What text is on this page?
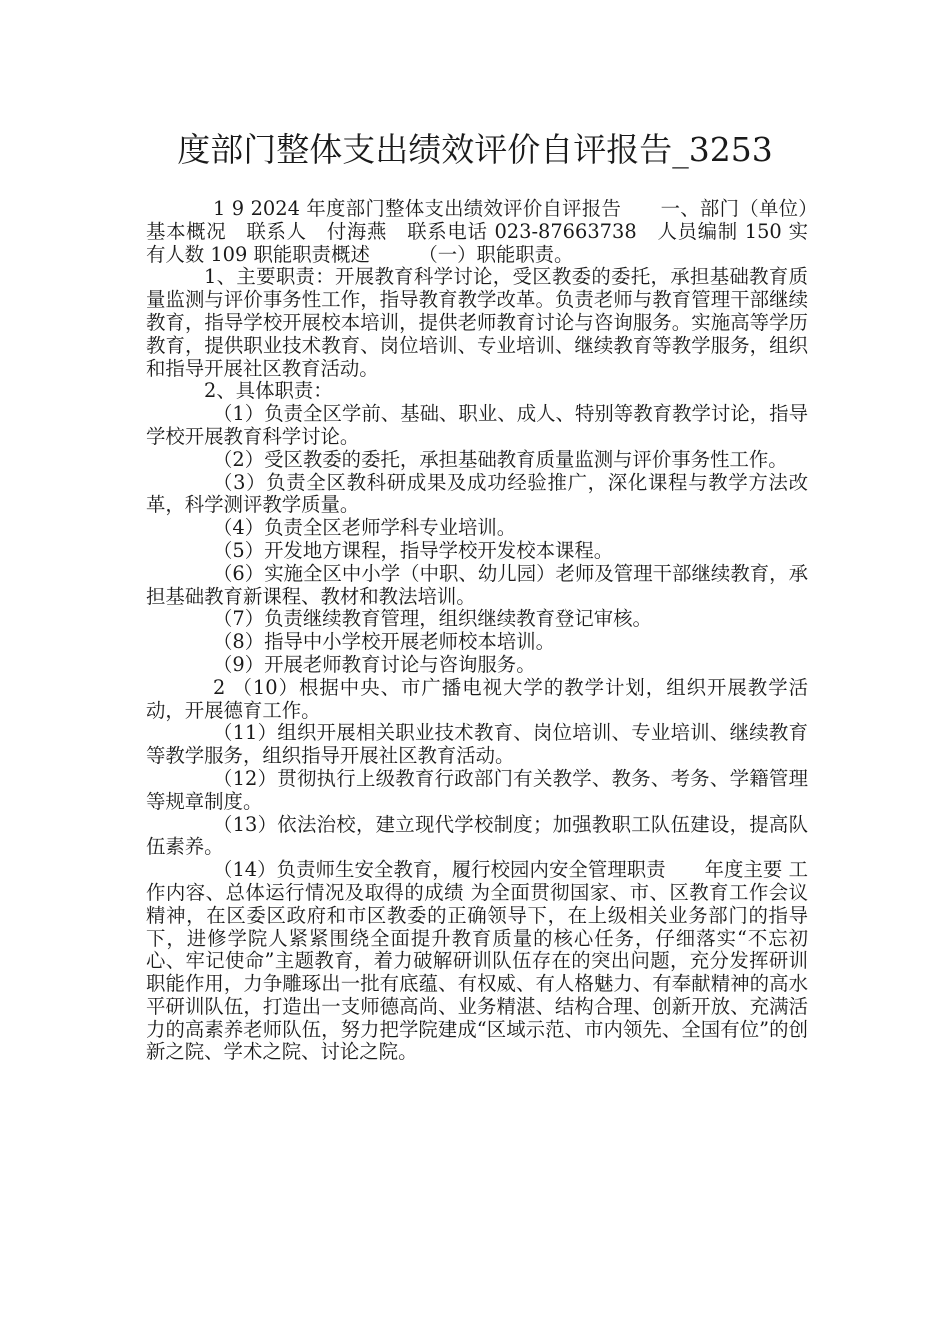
度部门整体支出绩效评价自评报告_3253

1 9 2024 年度部门整体支出绩效评价自评报告　　一、部门（单位）基本概况　联系人　付海燕　联系电话 023-87663738　人员编制 150 实有人数 109 职能职责概述　　　（一）职能职责。

1、主要职责：开展教育科学讨论，受区教委的委托，承担基础教育质量监测与评价事务性工作，指导教育教学改革。负责老师与教育管理干部继续教育，指导学校开展校本培训，提供老师教育讨论与咨询服务。实施高等学历教育，提供职业技术教育、岗位培训、专业培训、继续教育等教学服务，组织和指导开展社区教育活动。

2、具体职责：

（1）负责全区学前、基础、职业、成人、特别等教育教学讨论，指导学校开展教育科学讨论。

（2）受区教委的委托，承担基础教育质量监测与评价事务性工作。

（3）负责全区教科研成果及成功经验推广，深化课程与教学方法改革，科学测评教学质量。

（4）负责全区老师学科专业培训。

（5）开发地方课程，指导学校开发校本课程。

（6）实施全区中小学（中职、幼儿园）老师及管理干部继续教育，承担基础教育新课程、教材和教法培训。

（7）负责继续教育管理，组织继续教育登记审核。

（8）指导中小学校开展老师校本培训。

（9）开展老师教育讨论与咨询服务。

2 （10）根据中央、市广播电视大学的教学计划，组织开展教学活动，开展德育工作。

（11）组织开展相关职业技术教育、岗位培训、专业培训、继续教育等教学服务，组织指导开展社区教育活动。

（12）贯彻执行上级教育行政部门有关教学、教务、考务、学籍管理等规章制度。

（13）依法治校，建立现代学校制度；加强教职工队伍建设，提高队伍素养。

（14）负责师生安全教育，履行校园内安全管理职责　　年度主要 工作内容、总体运行情况及取得的成绩 为全面贯彻国家、市、区教育工作会议精神，在区委区政府和市区教委的正确领导下，在上级相关业务部门的指导下，进修学院人紧紧围绕全面提升教育质量的核心任务，仔细落实“不忘初心、牢记使命”主题教育，着力破解研训队伍存在的突出问题，充分发挥研训职能作用，力争雕琢出一批有底蕴、有权威、有人格魅力、有奉献精神的高水平研训队伍，打造出一支师德高尚、业务精湛、结构合理、创新开放、充满活力的高素养老师队伍，努力把学院建成“区域示范、市内领先、全国有位”的创新之院、学术之院、讨论之院。
